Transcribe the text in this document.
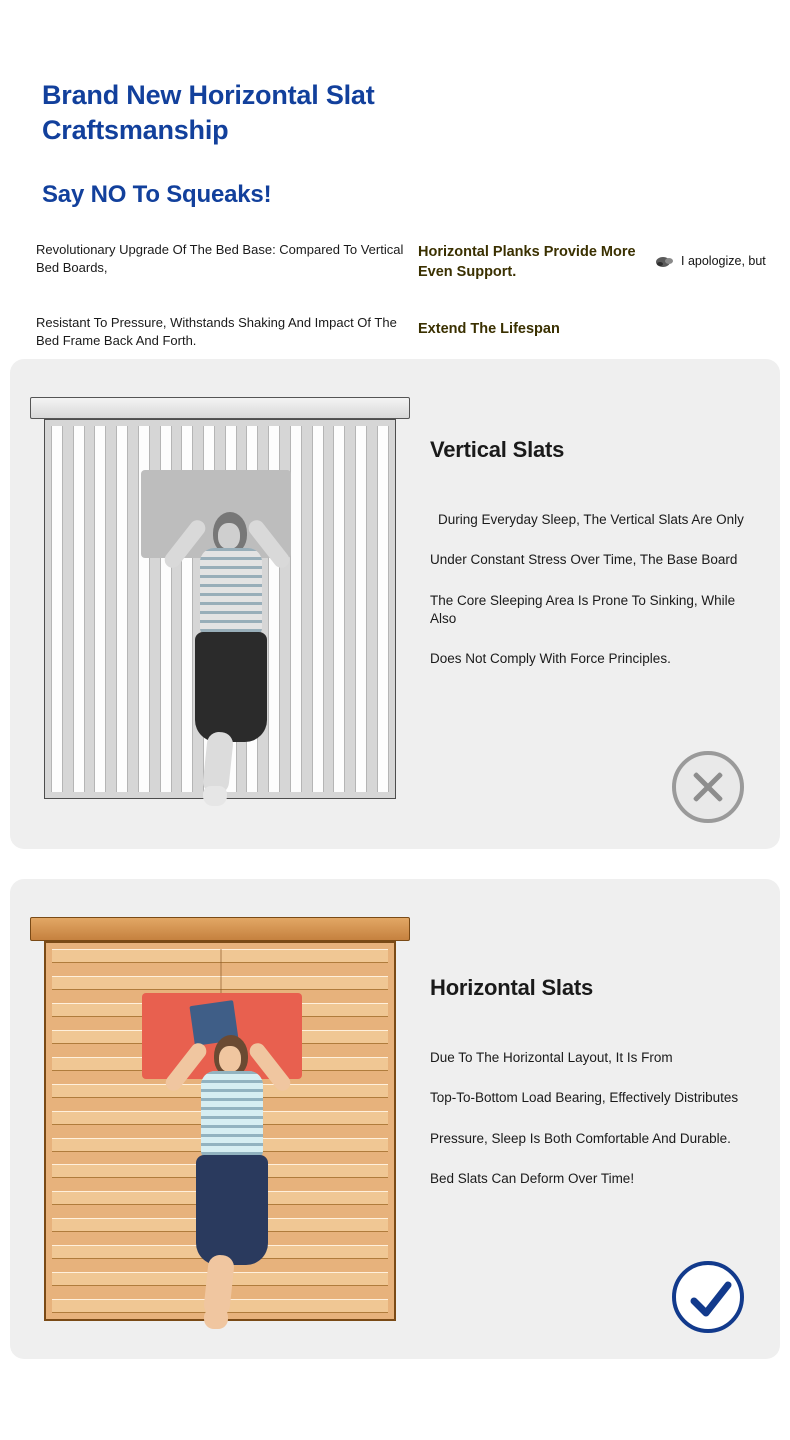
Brand New Horizontal Slat Craftsmanship
Say NO To Squeaks!

Revolutionary Upgrade Of The Bed Base: Compared To Vertical Bed Boards,

Resistant To Pressure, Withstands Shaking And Impact Of The Bed Frame Back And Forth.

Horizontal Planks Provide More Even Support.
Extend The Lifespan
I apologize, but
Vertical Slats
During Everyday Sleep, The Vertical Slats Are Only
Under Constant Stress Over Time, The Base Board
The Core Sleeping Area Is Prone To Sinking, While Also
Does Not Comply With Force Principles.
Horizontal Slats
Due To The Horizontal Layout, It Is From
Top-To-Bottom Load Bearing, Effectively Distributes
Pressure, Sleep Is Both Comfortable And Durable.
Bed Slats Can Deform Over Time!
